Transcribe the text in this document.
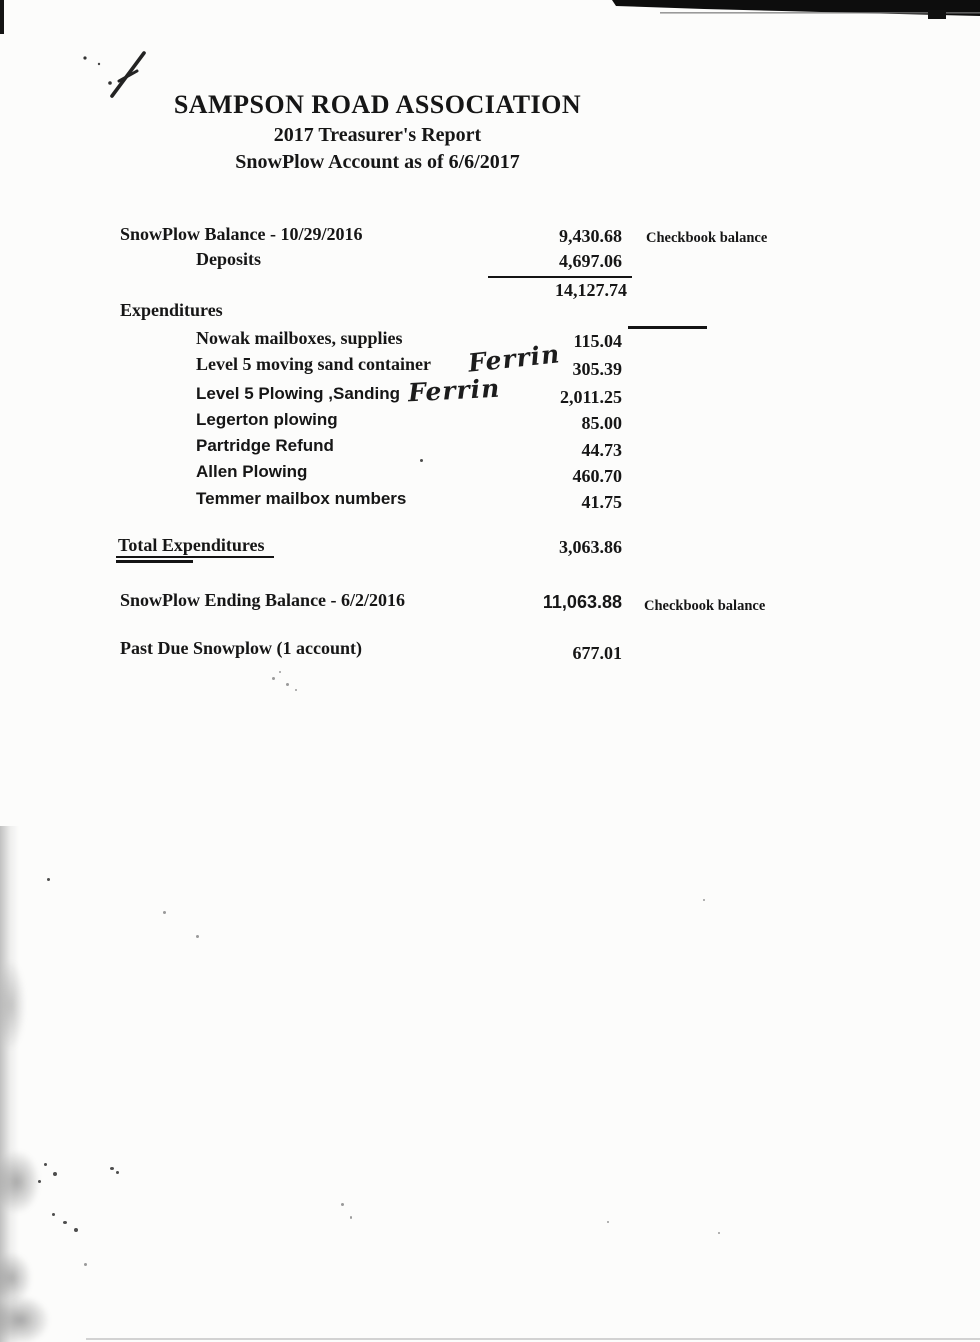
SAMPSON ROAD ASSOCIATION
2017 Treasurer's Report
SnowPlow Account as of 6/6/2017
SnowPlow Balance - 10/29/2016	9,430.68 Checkbook balance
Deposits	4,697.06
14,127.74
Expenditures
Nowak mailboxes, supplies	115.04
Level 5 moving sand container Ferrin 305.39
Level 5 Plowing ,Sanding Ferrin	2,011.25
Legerton plowing	85.00
Partridge Refund	44.73
Allen Plowing	460.70
Temmer mailbox numbers	41.75
Total Expenditures	3,063.86
SnowPlow Ending Balance - 6/2/2016	11,063.88 Checkbook balance
Past Due Snowplow (1 account)	677.01
